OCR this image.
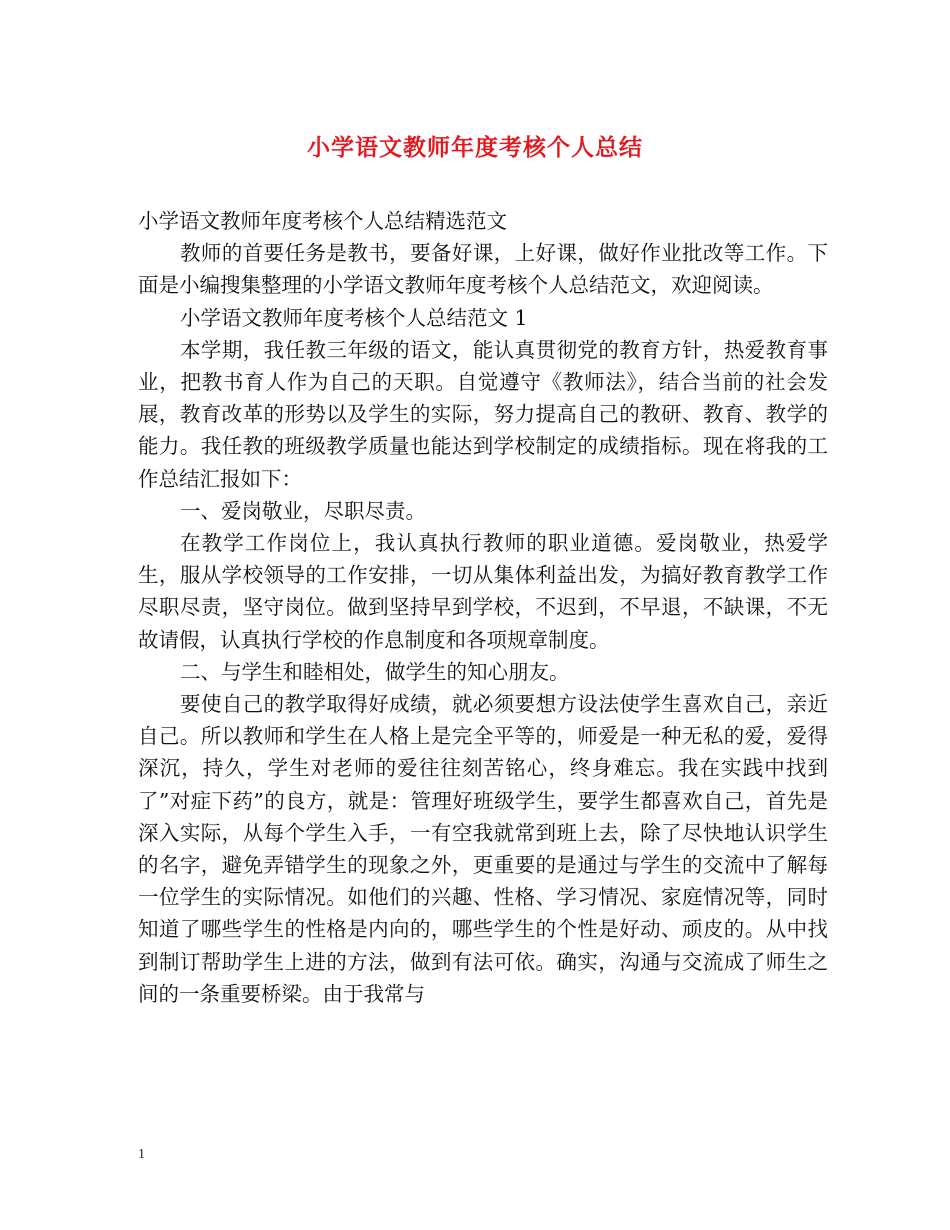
小学语文教师年度考核个人总结

小学语文教师年度考核个人总结精选范文

教师的首要任务是教书，要备好课，上好课，做好作业批改等工作。下面是小编搜集整理的小学语文教师年度考核个人总结范文，欢迎阅读。

小学语文教师年度考核个人总结范文 1

本学期，我任教三年级的语文，能认真贯彻党的教育方针，热爱教育事业，把教书育人作为自己的天职。自觉遵守《教师法》，结合当前的社会发展，教育改革的形势以及学生的实际，努力提高自己的教研、教育、教学的能力。我任教的班级教学质量也能达到学校制定的成绩指标。现在将我的工作总结汇报如下：

一、爱岗敬业，尽职尽责。

在教学工作岗位上，我认真执行教师的职业道德。爱岗敬业，热爱学生，服从学校领导的工作安排，一切从集体利益出发，为搞好教育教学工作尽职尽责，坚守岗位。做到坚持早到学校，不迟到，不早退，不缺课，不无故请假，认真执行学校的作息制度和各项规章制度。

二、与学生和睦相处，做学生的知心朋友。

要使自己的教学取得好成绩，就必须要想方设法使学生喜欢自己，亲近自己。所以教师和学生在人格上是完全平等的，师爱是一种无私的爱，爱得深沉，持久，学生对老师的爱往往刻苦铭心，终身难忘。我在实践中找到了”对症下药”的良方，就是：管理好班级学生，要学生都喜欢自己，首先是深入实际，从每个学生入手，一有空我就常到班上去，除了尽快地认识学生的名字，避免弄错学生的现象之外，更重要的是通过与学生的交流中了解每一位学生的实际情况。如他们的兴趣、性格、学习情况、家庭情况等，同时知道了哪些学生的性格是内向的，哪些学生的个性是好动、顽皮的。从中找到制订帮助学生上进的方法，做到有法可依。确实，沟通与交流成了师生之间的一条重要桥梁。由于我常与

1
